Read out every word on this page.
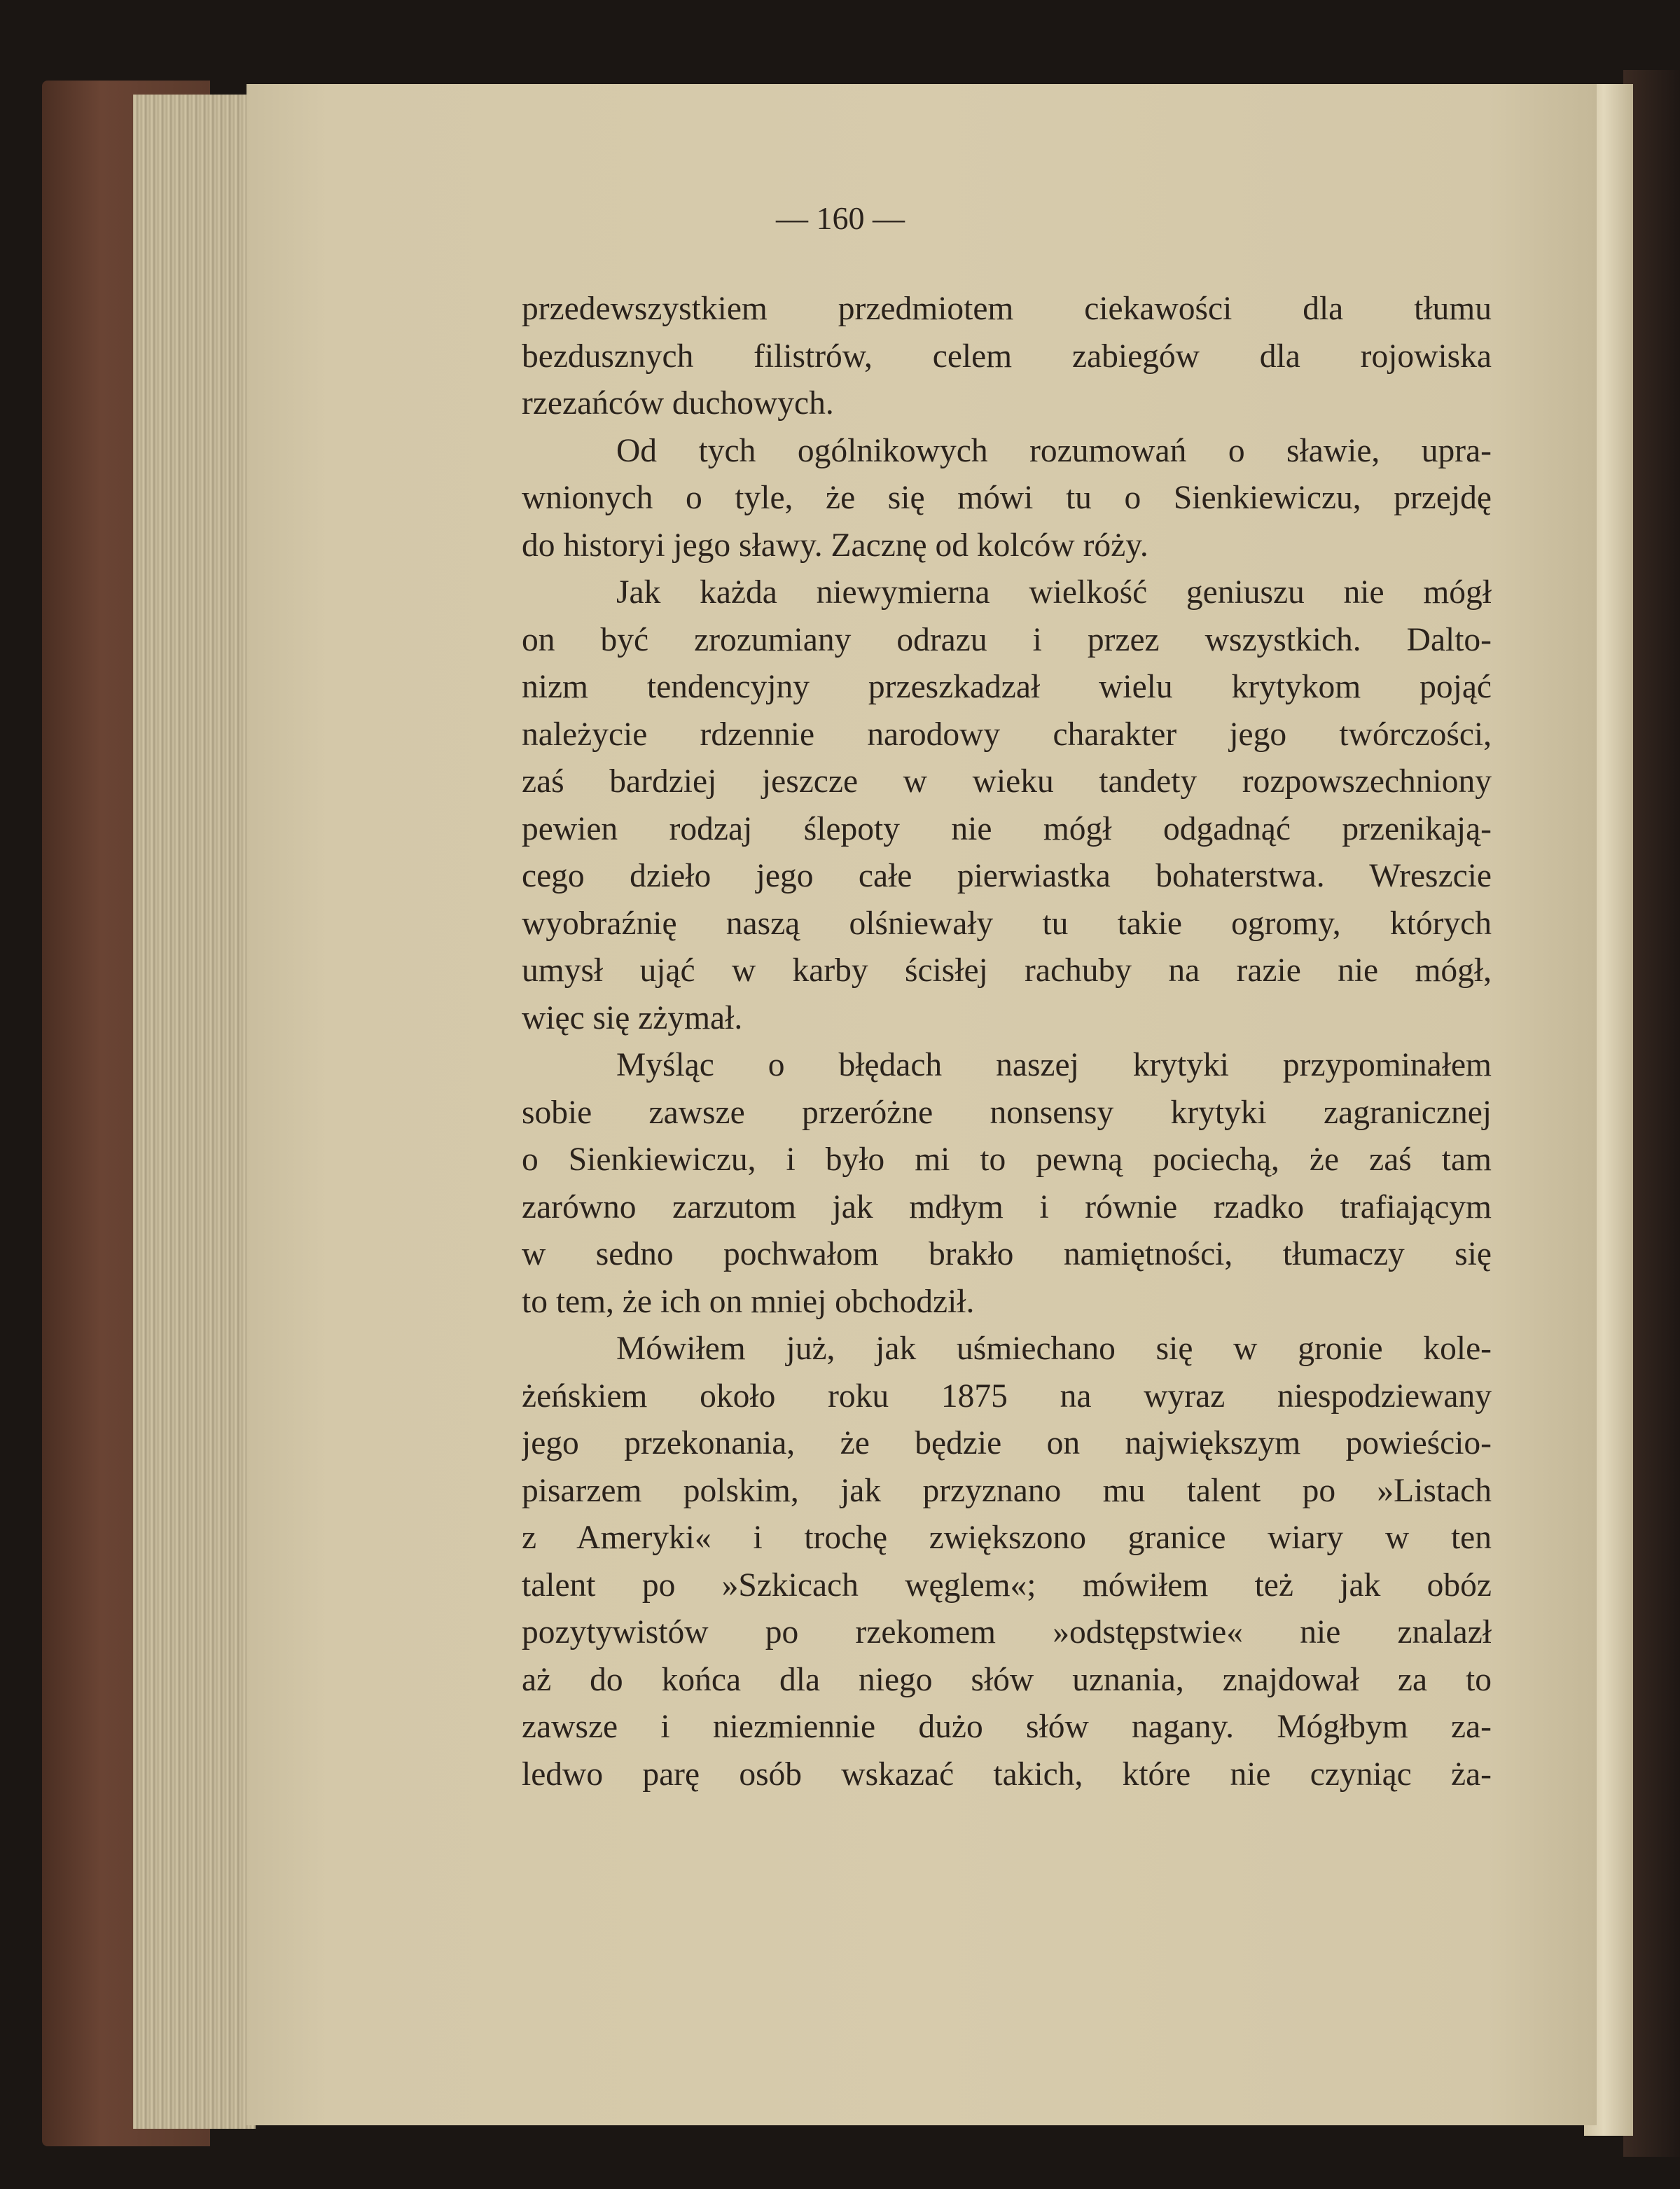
— 160 —
przedewszystkiem przedmiotem ciekawości dla tłumu
bezdusznych filistrów, celem zabiegów dla rojowiska
rzezańców duchowych.
Od tych ogólnikowych rozumowań o sławie, upra-
wnionych o tyle, że się mówi tu o Sienkiewiczu, przejdę
do historyi jego sławy. Zacznę od kolców róży.
Jak każda niewymierna wielkość geniuszu nie mógł
on być zrozumiany odrazu i przez wszystkich. Dalto-
nizm tendencyjny przeszkadzał wielu krytykom pojąć
należycie rdzennie narodowy charakter jego twórczości,
zaś bardziej jeszcze w wieku tandety rozpowszechniony
pewien rodzaj ślepoty nie mógł odgadnąć przenikają-
cego dzieło jego całe pierwiastka bohaterstwa. Wreszcie
wyobraźnię naszą olśniewały tu takie ogromy, których
umysł ująć w karby ścisłej rachuby na razie nie mógł,
więc się zżymał.
Myśląc o błędach naszej krytyki przypominałem
sobie zawsze przeróżne nonsensy krytyki zagranicznej
o Sienkiewiczu, i było mi to pewną pociechą, że zaś tam
zarówno zarzutom jak mdłym i równie rzadko trafiającym
w sedno pochwałom brakło namiętności, tłumaczy się
to tem, że ich on mniej obchodził.
Mówiłem już, jak uśmiechano się w gronie kole-
żeńskiem około roku 1875 na wyraz niespodziewany
jego przekonania, że będzie on największym powieścio-
pisarzem polskim, jak przyznano mu talent po »Listach
z Ameryki« i trochę zwiększono granice wiary w ten
talent po »Szkicach węglem«; mówiłem też jak obóz
pozytywistów po rzekomem »odstępstwie« nie znalazł
aż do końca dla niego słów uznania, znajdował za to
zawsze i niezmiennie dużo słów nagany. Mógłbym za-
ledwo parę osób wskazać takich, które nie czyniąc ża-
